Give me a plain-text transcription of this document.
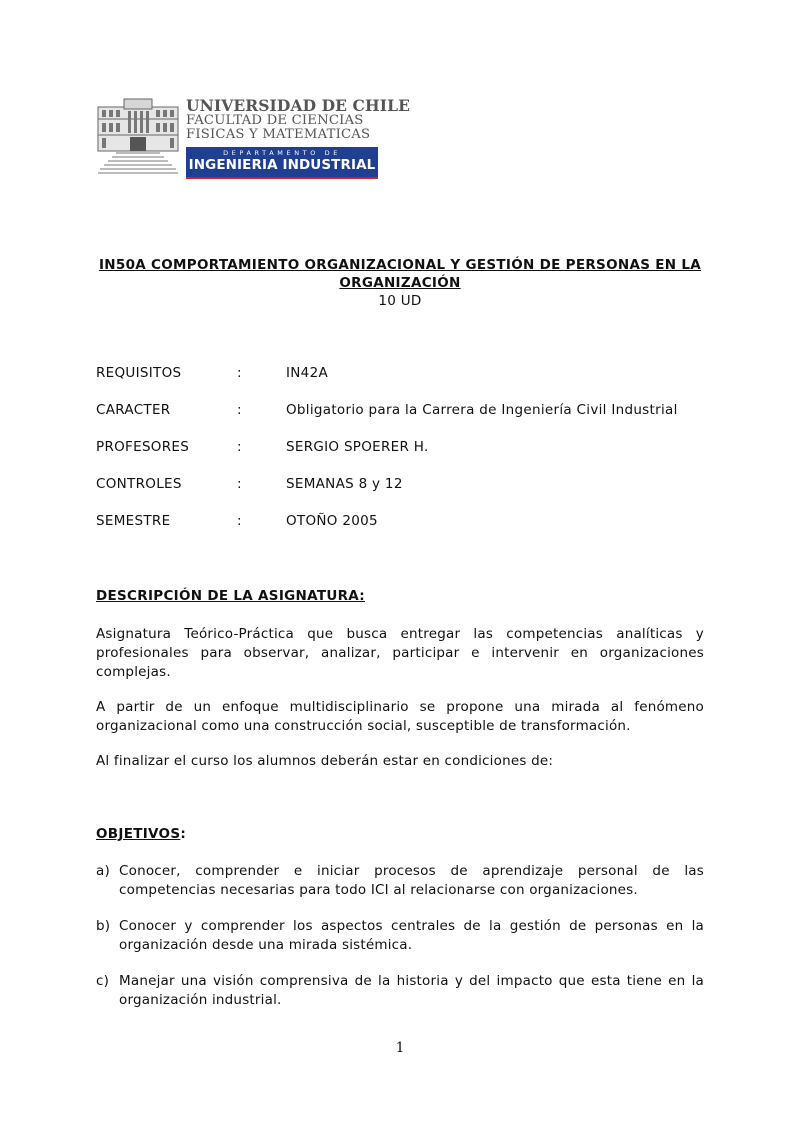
UNIVERSIDAD DE CHILE
FACULTAD DE CIENCIAS
FISICAS Y MATEMATICAS
DEPARTAMENTO DE
INGENIERIA INDUSTRIAL
IN50A COMPORTAMIENTO ORGANIZACIONAL Y GESTIÓN DE PERSONAS EN LA
ORGANIZACIÓN
10 UD
REQUISITOS	:	IN42A
CARACTER	:	Obligatorio para la Carrera de Ingeniería Civil Industrial
PROFESORES	:	SERGIO SPOERER H.
CONTROLES	:	SEMANAS 8 y 12
SEMESTRE	:	OTOÑO 2005
DESCRIPCIÓN DE LA ASIGNATURA:

Asignatura Teórico-Práctica que busca entregar las competencias analíticas y profesionales para observar, analizar, participar e intervenir en organizaciones complejas.

A partir de un enfoque multidisciplinario se propone una mirada al fenómeno organizacional como una construcción social, susceptible de transformación.

Al finalizar el curso los alumnos deberán estar en condiciones de:

OBJETIVOS:
a) Conocer, comprender e iniciar procesos de aprendizaje personal de las competencias necesarias para todo ICI al relacionarse con organizaciones.
b) Conocer y comprender los aspectos centrales de la gestión de personas en la organización desde una mirada sistémica.
c) Manejar una visión comprensiva de la historia y del impacto que esta tiene en la organización industrial.
1
